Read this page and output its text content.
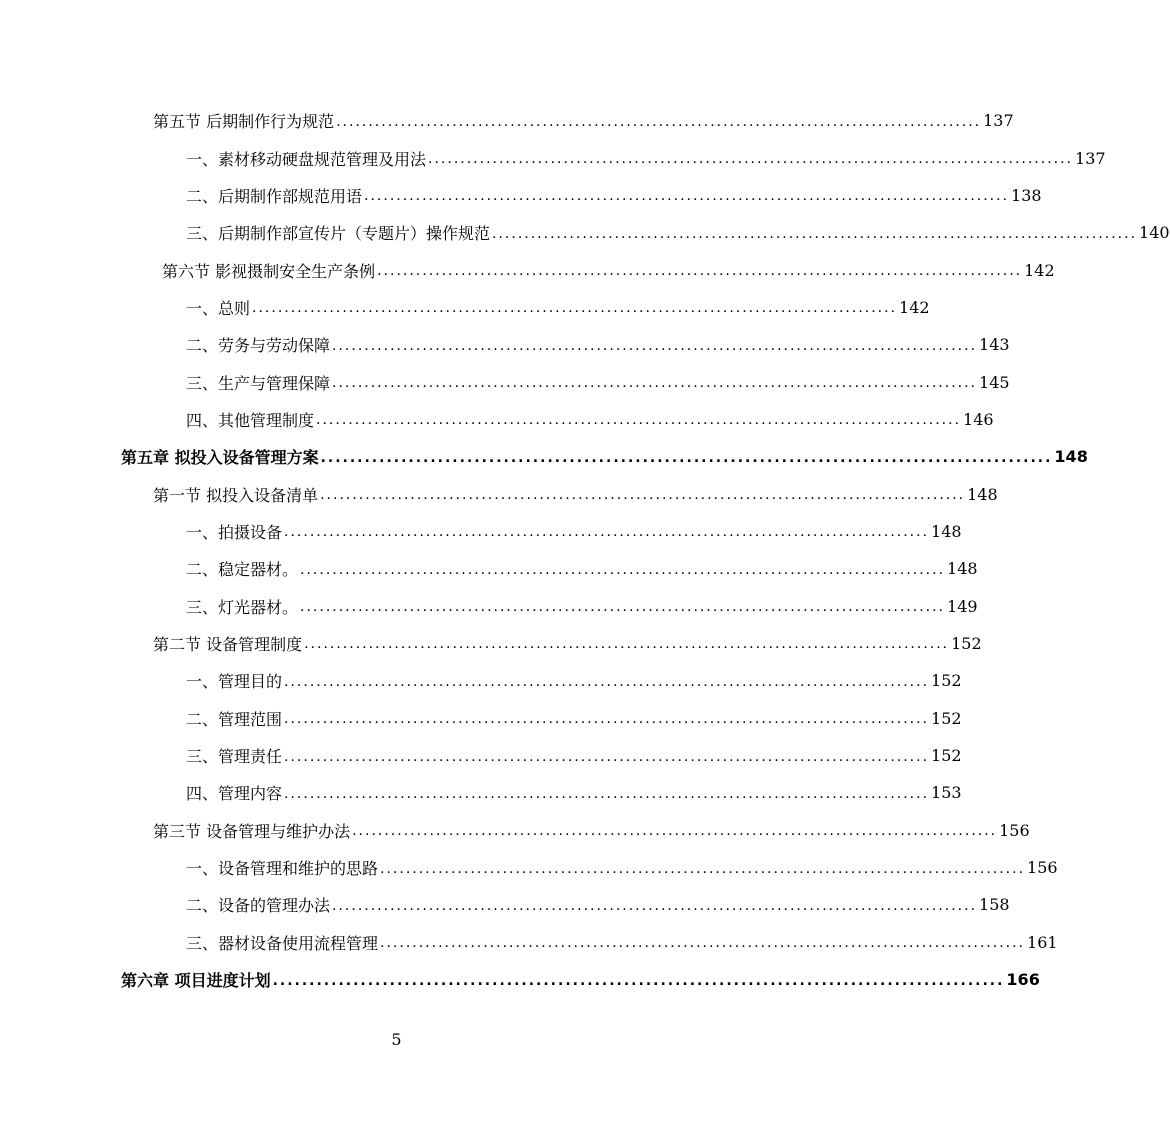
第五节 后期制作行为规范 .................................................................................................... 137
一、素材移动硬盘规范管理及用法 .................................................................................................... 137
二、后期制作部规范用语 .................................................................................................... 138
三、后期制作部宣传片（专题片）操作规范 .................................................................................................... 140
第六节 影视摄制安全生产条例 .................................................................................................... 142
一、总则 .................................................................................................... 142
二、劳务与劳动保障 .................................................................................................... 143
三、生产与管理保障 .................................................................................................... 145
四、其他管理制度 .................................................................................................... 146
第五章 拟投入设备管理方案 .................................................................................................... 148
第一节 拟投入设备清单 .................................................................................................... 148
一、拍摄设备 .................................................................................................... 148
二、稳定器材。 .................................................................................................... 148
三、灯光器材。 .................................................................................................... 149
第二节 设备管理制度 .................................................................................................... 152
一、管理目的 .................................................................................................... 152
二、管理范围 .................................................................................................... 152
三、管理责任 .................................................................................................... 152
四、管理内容 .................................................................................................... 153
第三节 设备管理与维护办法 .................................................................................................... 156
一、设备管理和维护的思路 .................................................................................................... 156
二、设备的管理办法 .................................................................................................... 158
三、器材设备使用流程管理 .................................................................................................... 161
第六章 项目进度计划 .................................................................................................... 166
5
